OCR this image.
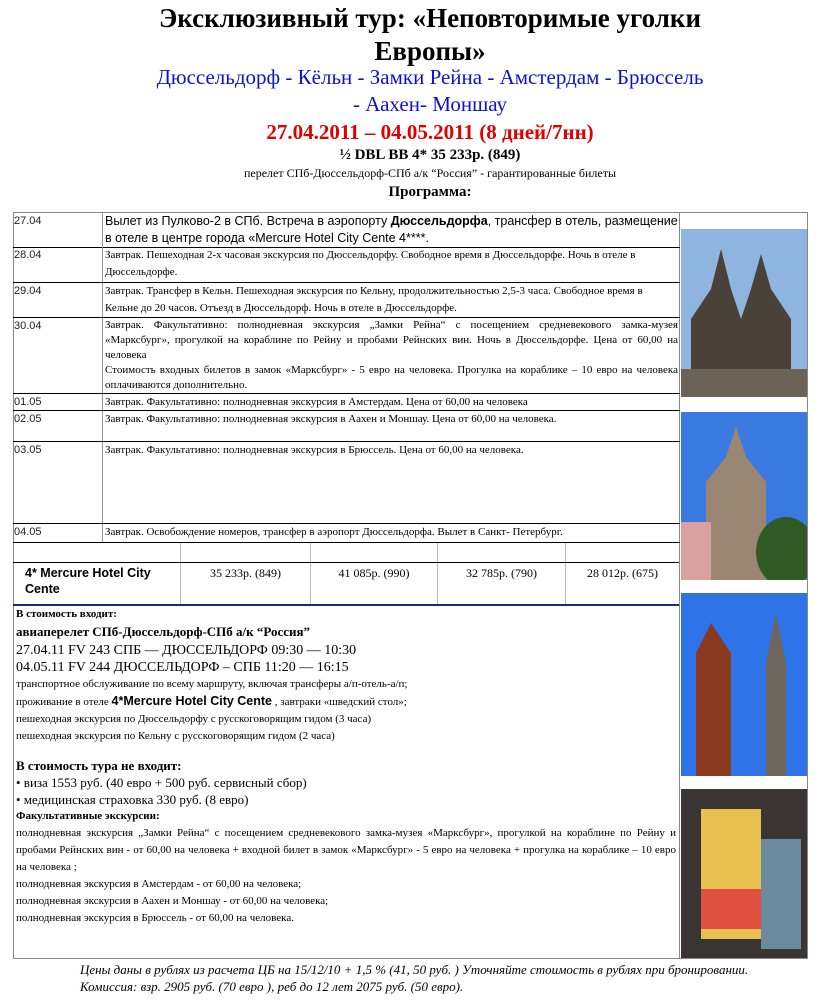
Эксклюзивный тур: «Неповторимые уголки
Европы»
Дюссельдорф - Кёльн - Замки Рейна - Амстердам - Брюссель
- Аахен- Моншау
27.04.2011 – 04.05.2011 (8 дней/7нн)
½ DBL BB 4* 35 233р. (849)
перелет СПб-Дюссельдорф-СПб а/к “Россия” - гарантированные билеты
Программа:
27.04	Вылет из Пулково-2 в СПб. Встреча в аэропорту Дюссельдорфа, трансфер в отель, размещение в отеле в центре города «Mercure Hotel City Cente 4****.
28.04	Завтрак. Пешеходная 2-х часовая экскурсия по Дюссельдорфу. Свободное время в Дюссельдорфе. Ночь в отеле в Дюссельдорфе.
29.04	Завтрак. Трансфер в Кельн. Пешеходная экскурсия по Кельну, продолжительностью 2,5-3 часа. Свободное время в Кельне до 20 часов. Отъезд в Дюссельдорф. Ночь в отеле в Дюссельдорфе.
30.04	Завтрак. Факультативно: полнодневная экскурсия „Замки Рейна“ с посещением средневекового замка-музея «Марксбург», прогулкой на кораблине по Рейну и пробами Рейнских вин. Ночь в Дюссельдорфе. Цена от 60,00 на человека
Стоимость входных билетов в замок «Марксбург» - 5 евро на человека. Прогулка на кораблике – 10 евро на человека оплачиваются дополнительно.
01.05	Завтрак. Факультативно: полнодневная экскурсия в Амстердам. Цена от 60,00 на человека
02.05	Завтрак. Факультативно: полнодневная экскурсия в Аахен и Моншау. Цена от 60,00 на человека.
03.05	Завтрак. Факультативно: полнодневная экскурсия в Брюссель. Цена от 60,00 на человека.
04.05	Завтрак. Освобождение номеров, трансфер в аэропорт Дюссельдорфа. Вылет в Санкт- Петербург.
4* Mercure Hotel City Cente
35 233р. (849)	41 085р. (990)	32 785р. (790)	28 012р. (675)
В стоимость входит:
авиаперелет СПб-Дюссельдорф-СПб а/к “Россия”
27.04.11 FV 243 СПБ — ДЮССЕЛЬДОРФ 09:30 — 10:30
04.05.11 FV 244 ДЮССЕЛЬДОРФ – СПБ 11:20 — 16:15
транспортное обслуживание по всему маршруту, включая трансферы а/п-отель-а/п;
проживание в отеле 4*Mercure Hotel City Cente , завтраки «шведский стол»;
пешеходная экскурсия по Дюссельдорфу с русскоговорящим гидом (3 часа)
пешеходная экскурсия по Кельну с русскоговорящим гидом (2 часа)
В стоимость тура не входит:
• виза 1553 руб. (40 евро + 500 руб. сервисный сбор)
• медицинская страховка 330 руб. (8 евро)
Факультативные экскурсии:
полнодневная экскурсия „Замки Рейна“ с посещением средневекового замка-музея «Марксбург», прогулкой на кораблине по Рейну и пробами Рейнских вин - от 60,00 на человека + входной билет в замок «Марксбург» - 5 евро на человека + прогулка на кораблике – 10 евро на человека ;
полнодневная экскурсия в Амстердам - от 60,00 на человека;
полнодневная экскурсия в Аахен и Моншау - от 60,00 на человека;
полнодневная экскурсия в Брюссель - от 60,00 на человека.
Цены даны в рублях из расчета ЦБ на 15/12/10 + 1,5 % (41, 50 руб. ) Уточняйте стоимость в рублях при бронировании. Комиссия: взр. 2905 руб. (70 евро ), реб до 12 лет 2075 руб. (50 евро).
